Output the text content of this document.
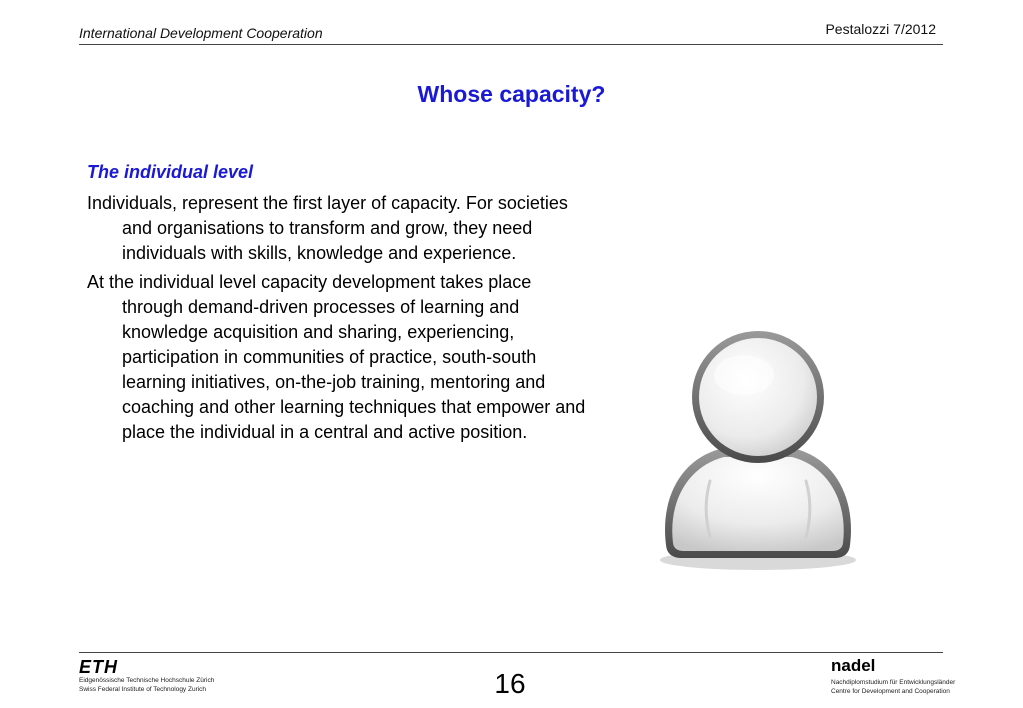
International Development Cooperation	Pestalozzi 7/2012
Whose capacity?

The individual level

Individuals, represent the first layer of capacity. For societies and organisations to transform and grow, they need individuals with skills, knowledge and experience.

At the individual level capacity development takes place through demand-driven processes of learning and knowledge acquisition and sharing, experiencing, participation in communities of practice, south-south learning initiatives, on-the-job training, mentoring and coaching and other learning techniques that empower and place the individual in a central and active position.

ETH
Eidgenössische Technische Hochschule Zürich
Swiss Federal Institute of Technology Zurich	16
nadel
Nachdiplomstudium für Entwicklungsländer
Centre for Development and Cooperation
